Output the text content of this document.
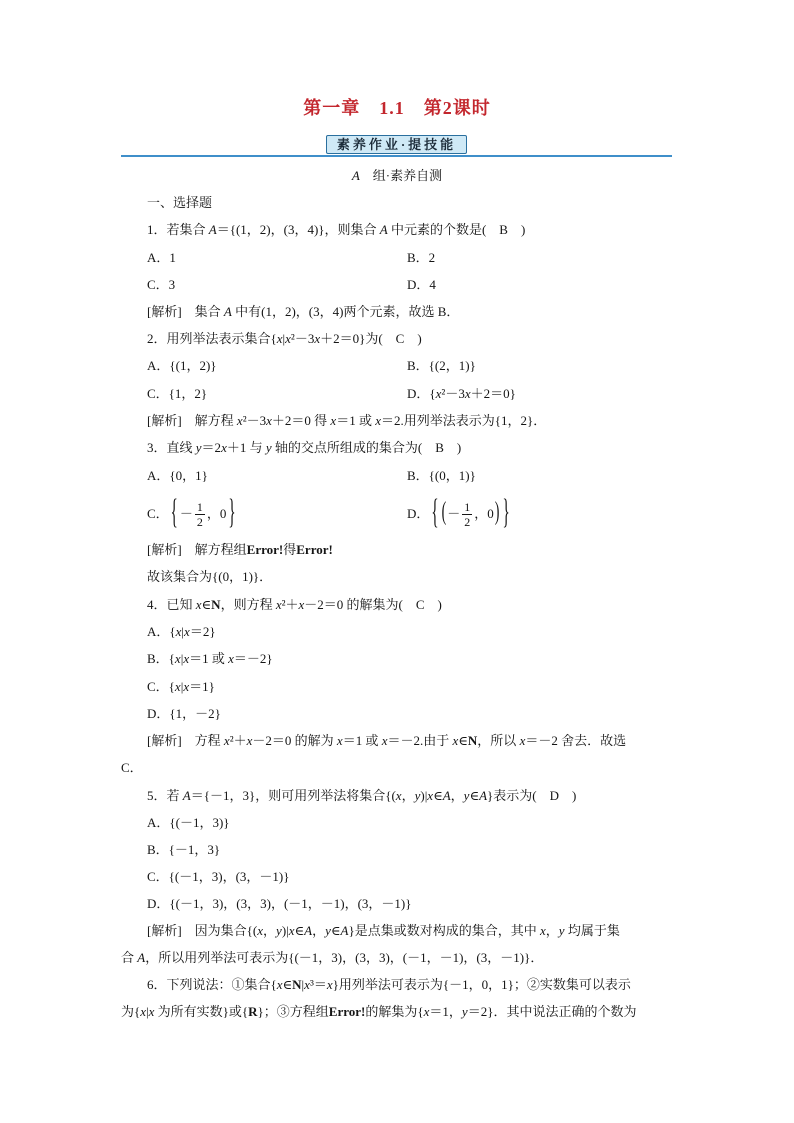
第一章　1.1　第2课时
素养作业·提技能
A　组·素养自测
一、选择题
1．若集合 A＝{(1，2)，(3，4)}，则集合 A 中元素的个数是(　B　)
A．1	B．2
C．3	D．4
[解析]　集合 A 中有(1，2)，(3，4)两个元素，故选 B．
2．用列举法表示集合{x|x²－3x＋2＝0}为(　C　)
A．{(1，2)}	B．{(2，1)}
C．{1，2}	D．{x²－3x＋2＝0}
[解析]　解方程 x²－3x＋2＝0 得 x＝1 或 x＝2.用列举法表示为{1，2}．
3．直线 y＝2x＋1 与 y 轴的交点所组成的集合为(　B　)
A．{0，1}	B．{(0，1)}
C． { － $\frac{1}{2}$ ，0 }	D． { ( － $\frac{1}{2}$ ，0 ) }
[解析]　解方程组Error!得Error!
故该集合为{(0，1)}．
4．已知 x∈N，则方程 x²＋x－2＝0 的解集为(　C　)
A．{x|x＝2}
B．{x|x＝1 或 x＝－2}
C．{x|x＝1}
D．{1，－2}
[解析]　方程 x²＋x－2＝0 的解为 x＝1 或 x＝－2.由于 x∈N，所以 x＝－2 舍去．故选
C．
5．若 A＝{－1，3}，则可用列举法将集合{(x，y)|x∈A，y∈A}表示为(　D　)
A．{(－1，3)}
B．{－1，3}
C．{(－1，3)，(3，－1)}
D．{(－1，3)，(3，3)，(－1，－1)，(3，－1)}
[解析]　因为集合{(x，y)|x∈A，y∈A}是点集或数对构成的集合，其中 x，y 均属于集
合 A，所以用列举法可表示为{(－1，3)，(3，3)，(－1，－1)，(3，－1)}．
6．下列说法：①集合{x∈N|x³＝x}用列举法可表示为{－1，0，1}；②实数集可以表示
为{x|x 为所有实数}或{R}；③方程组Error!的解集为{x＝1，y＝2}．其中说法正确的个数为
